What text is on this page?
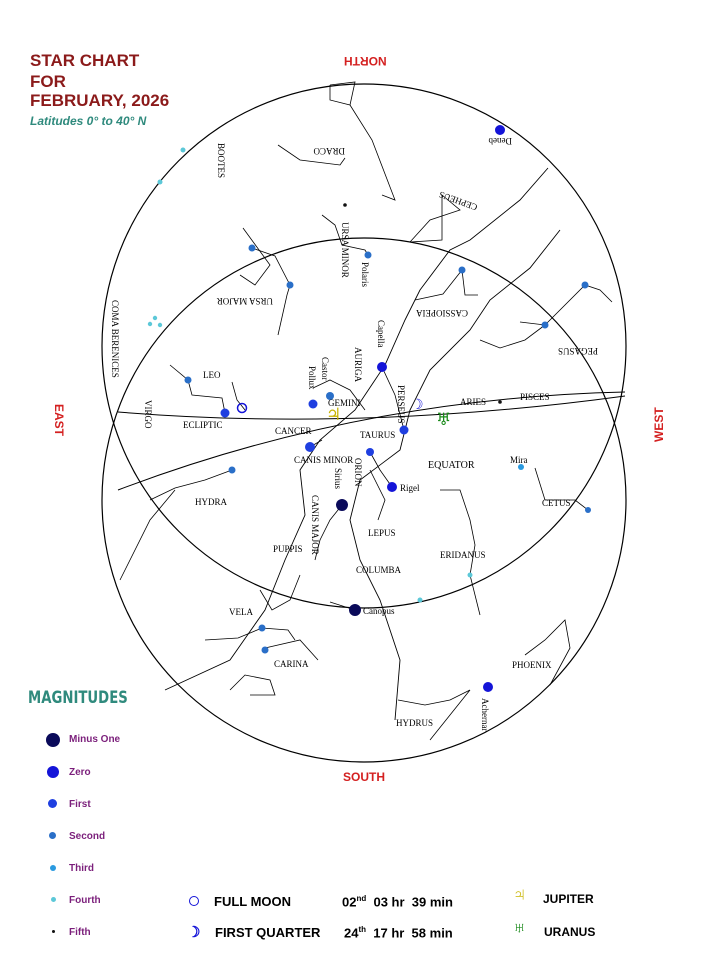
STAR CHART
FOR
FEBRUARY, 2026
Latitudes 0° to 40° N
NORTH
SOUTH
EAST	WEST
☽
♅
♃
ECLIPTIC
EQUATOR
BOOTES	DRACO
CEPHEUS
URSA MINOR
URSA MAJOR
COMA BERENICES	LEO
VIRGO
CANCER
GEMINI
AURIGA
PERSEUS
CASSIOPEIA
ARIES	PISCES
PEGASUS
TAURUS
ORION
CANIS MINOR
CANIS MAJOR
HYDRA
LEPUS
ERIDANUS
CETUS
PUPPIS
COLUMBA
VELA
CARINA	PHOENIX
HYDRUS
Deneb
Polaris
Capella
Castor
Pollux
Sirius	Rigel
Mira
Canopus
Achernar
MAGNITUDES
Minus One
Zero
First
Second
Third
Fourth
Fifth
FULL MOON	02nd 03 hr  39 min
☽ FIRST QUARTER 24th 17 hr  58 min
♃ JUPITER
♅ URANUS
